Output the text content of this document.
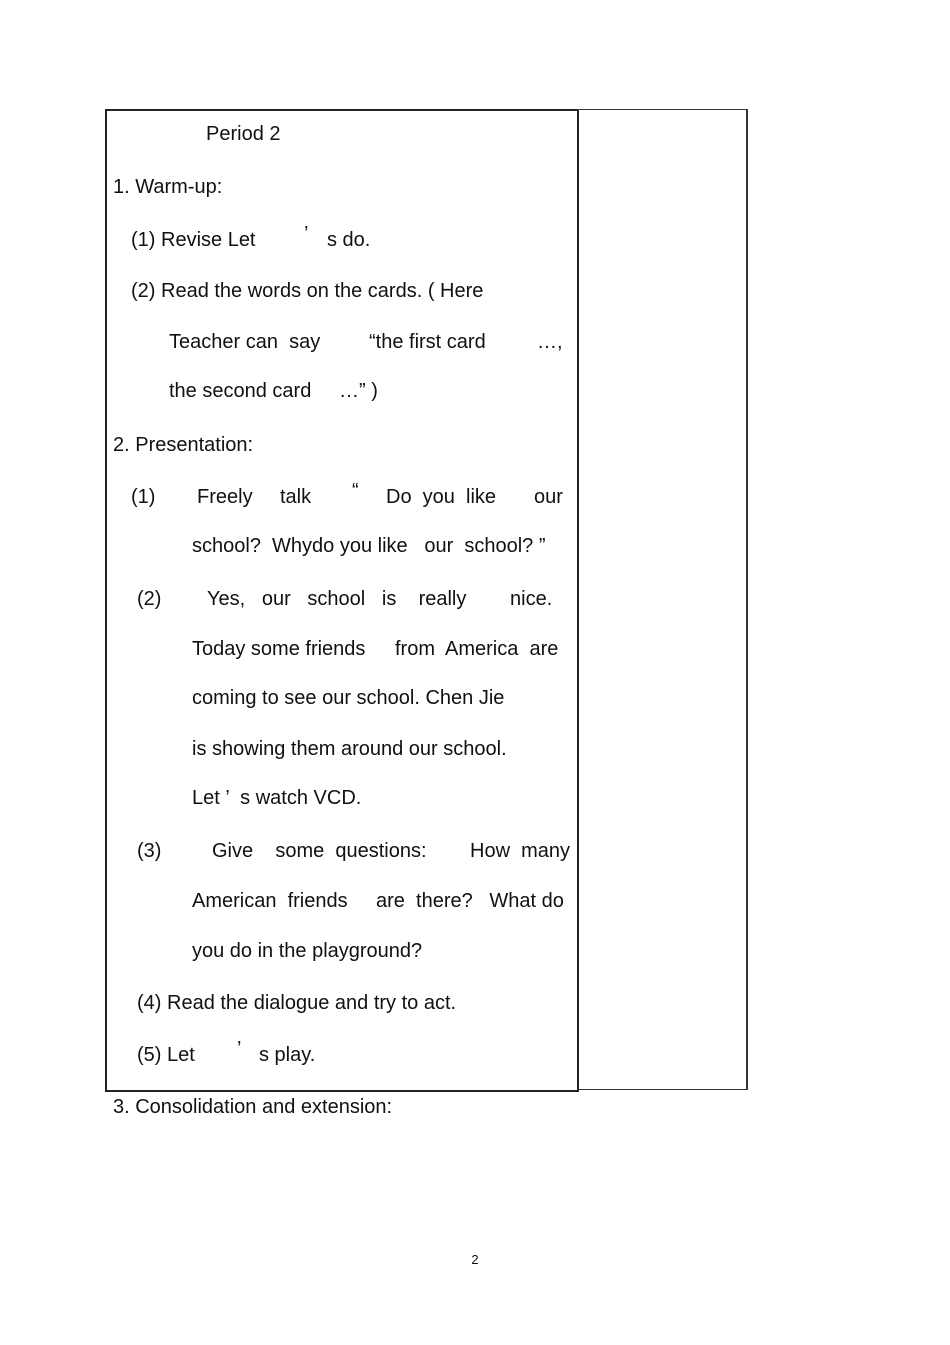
Period 2

1. Warm-up:

(1) Revise Let ’ s do.

(2) Read the words on the cards. ( Here

Teacher can  say “the first card	…,

the second card …” )

2. Presentation:

(1) Freely talk “ Do  you  like our

school?  Whydo you like   our  school? ”

(2) Yes,   our   school   is    really nice.

Today some friends from  America  are

coming to see our school. Chen Jie

is showing them around our school.

Let ’  s watch VCD.

(3)	Give    some  questions: How  many

American  friends are  there?   What do

you do in the playground?

(4) Read the dialogue and try to act.

(5) Let ’ s play.

3. Consolidation and extension:

2
